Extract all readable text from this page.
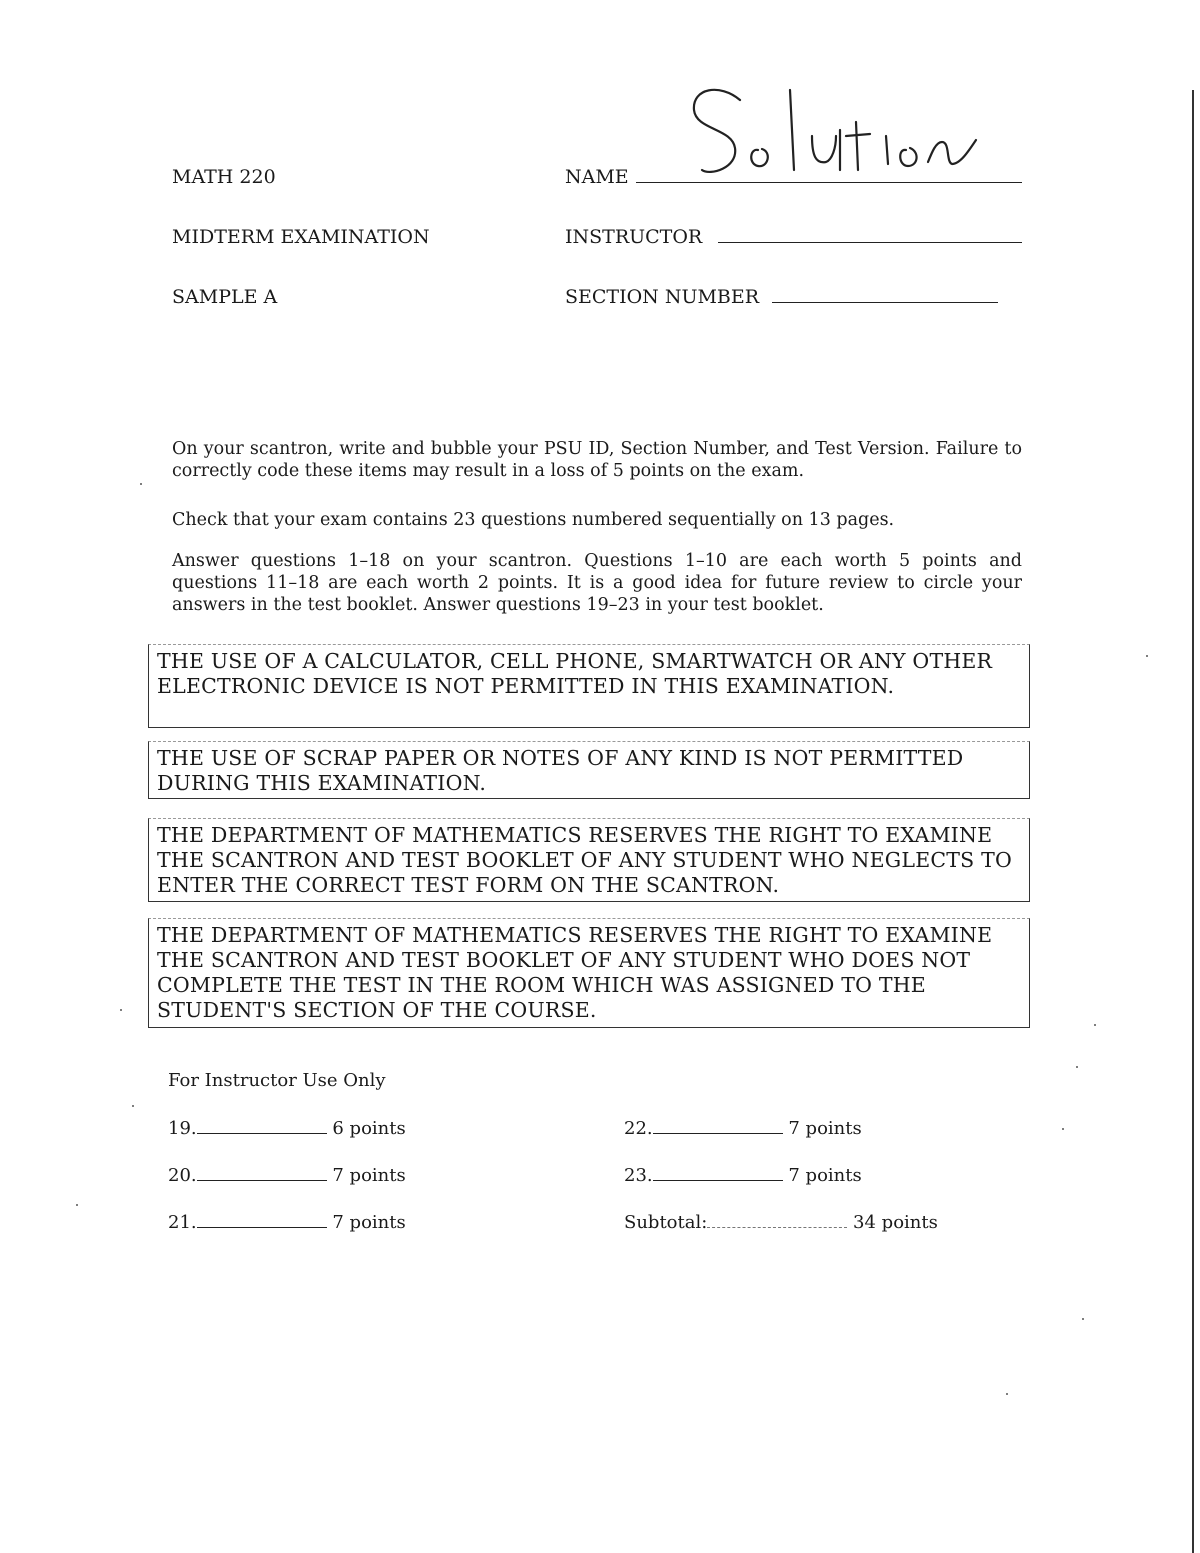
MATH 220
MIDTERM EXAMINATION
SAMPLE A
NAME
INSTRUCTOR
SECTION NUMBER
On your scantron, write and bubble your PSU ID, Section Number, and Test Version. Failure to correctly code these items may result in a loss of 5 points on the exam.
Check that your exam contains 23 questions numbered sequentially on 13 pages.
Answer questions 1–18 on your scantron. Questions 1–10 are each worth 5 points and questions 11–18 are each worth 2 points. It is a good idea for future review to circle your answers in the test booklet. Answer questions 19–23 in your test booklet.
THE USE OF A CALCULATOR, CELL PHONE, SMARTWATCH OR ANY OTHER ELECTRONIC DEVICE IS NOT PERMITTED IN THIS EXAMINATION.
THE USE OF SCRAP PAPER OR NOTES OF ANY KIND IS NOT PERMITTED DURING THIS EXAMINATION.
THE DEPARTMENT OF MATHEMATICS RESERVES THE RIGHT TO EXAMINE THE SCANTRON AND TEST BOOKLET OF ANY STUDENT WHO NEGLECTS TO ENTER THE CORRECT TEST FORM ON THE SCANTRON.
THE DEPARTMENT OF MATHEMATICS RESERVES THE RIGHT TO EXAMINE THE SCANTRON AND TEST BOOKLET OF ANY STUDENT WHO DOES NOT COMPLETE THE TEST IN THE ROOM WHICH WAS ASSIGNED TO THE STUDENT'S SECTION OF THE COURSE.
For Instructor Use Only
19.	6 points
20.	7 points
21.	7 points
22.	7 points
23.	7 points
Subtotal:	34 points
